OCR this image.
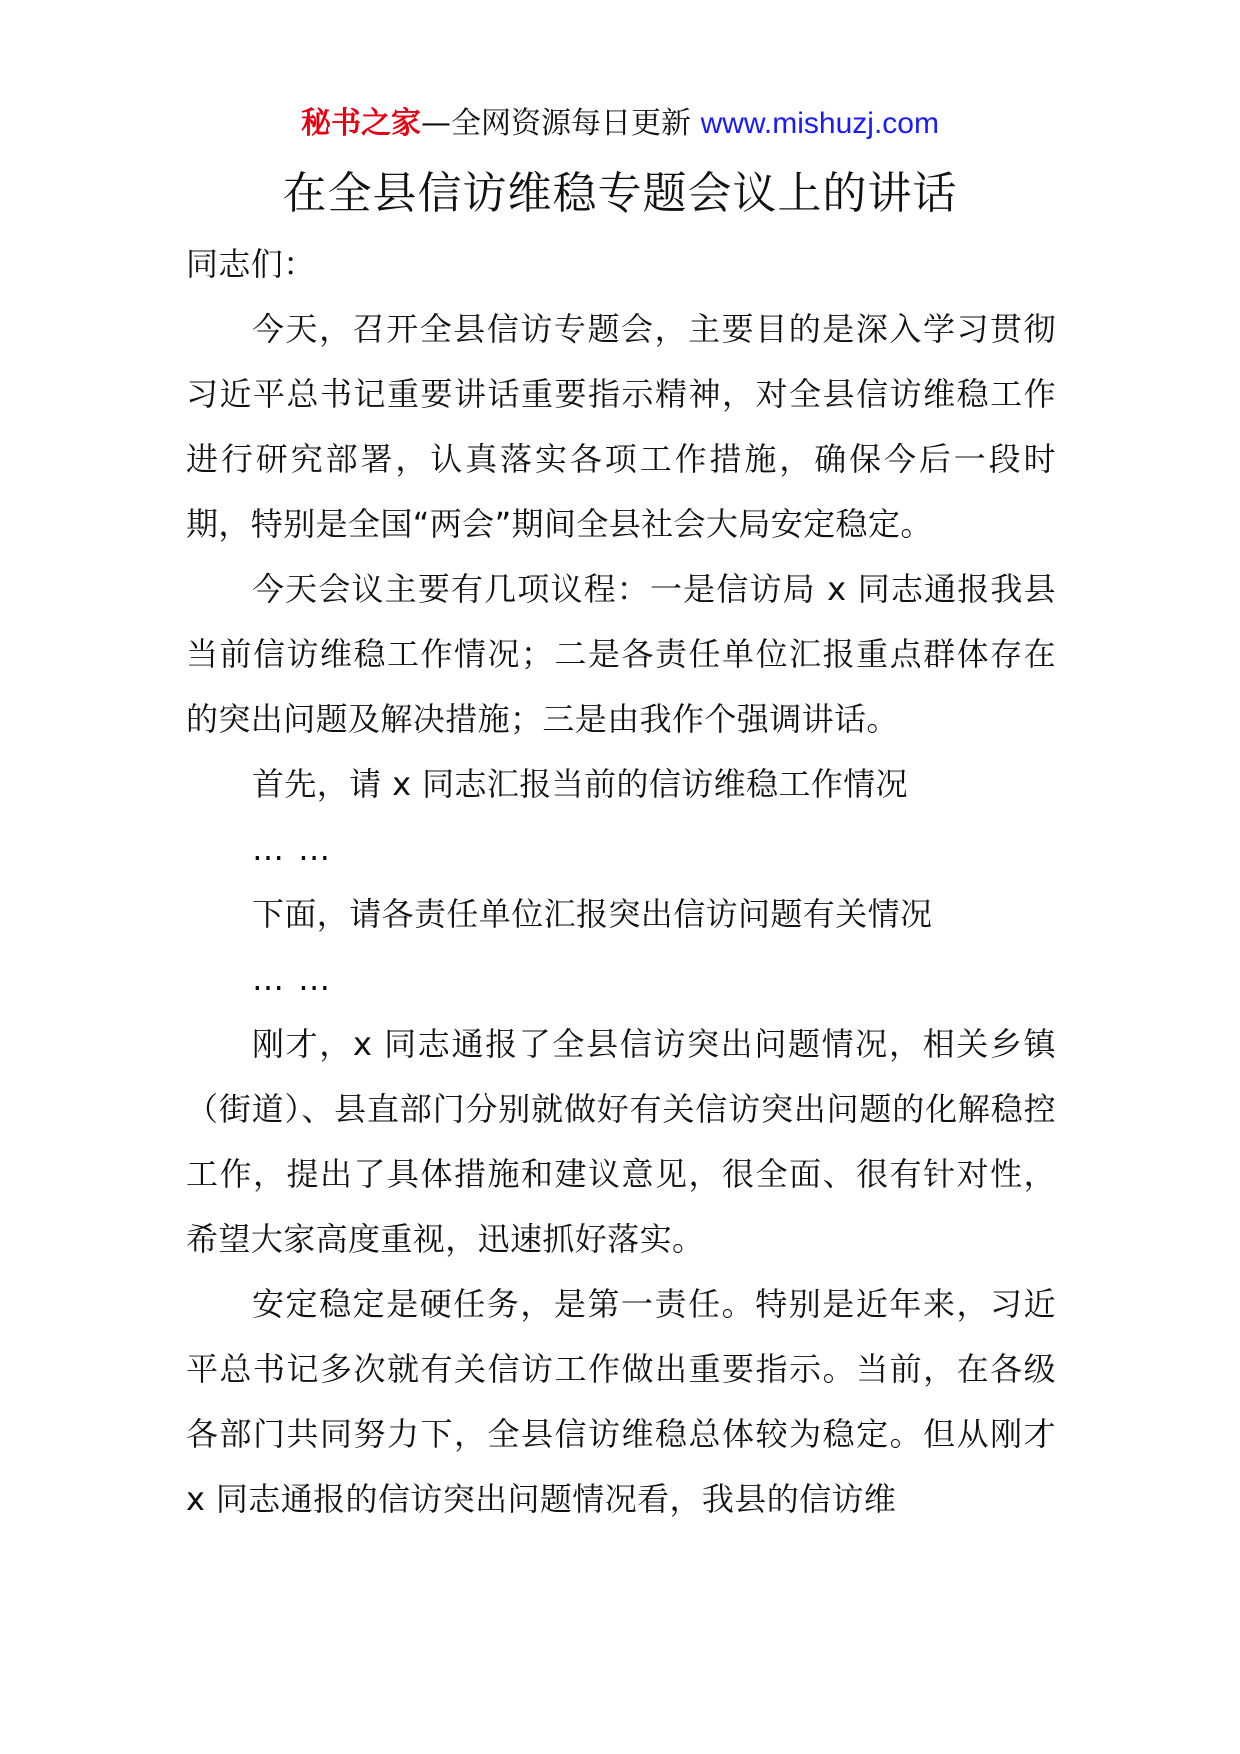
秘书之家—全网资源每日更新 www.mishuzj.com
在全县信访维稳专题会议上的讲话

同志们：

今天，召开全县信访专题会，主要目的是深入学习贯彻习近平总书记重要讲话重要指示精神，对全县信访维稳工作进行研究部署，认真落实各项工作措施，确保今后一段时期，特别是全国“两会”期间全县社会大局安定稳定。

今天会议主要有几项议程：一是信访局 x 同志通报我县当前信访维稳工作情况；二是各责任单位汇报重点群体存在的突出问题及解决措施；三是由我作个强调讲话。

首先，请 x 同志汇报当前的信访维稳工作情况

… …

下面，请各责任单位汇报突出信访问题有关情况

… …

刚才，x 同志通报了全县信访突出问题情况，相关乡镇（街道）、县直部门分别就做好有关信访突出问题的化解稳控工作，提出了具体措施和建议意见，很全面、很有针对性，希望大家高度重视，迅速抓好落实。

安定稳定是硬任务，是第一责任。特别是近年来，习近平总书记多次就有关信访工作做出重要指示。当前，在各级各部门共同努力下，全县信访维稳总体较为稳定。但从刚才 x 同志通报的信访突出问题情况看，我县的信访维
